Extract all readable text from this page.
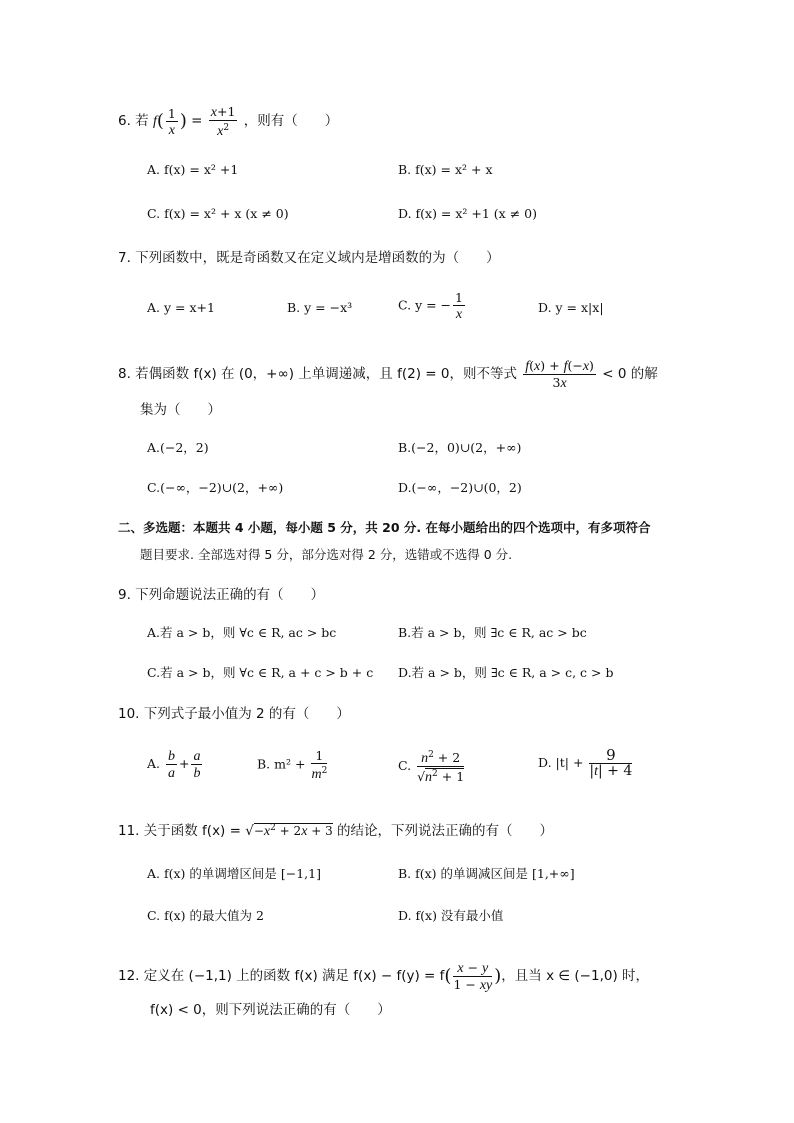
6. 若 $f( \frac{1}{x}$ ) = $\frac{x+1}{x^2}$ ，则有（　　）
A. f(x) = x² +1	B. f(x) = x² + x
C. f(x) = x² + x (x ≠ 0)	D. f(x) = x² +1 (x ≠ 0)
7. 下列函数中，既是奇函数又在定义域内是增函数的为（　　）
A. y = x+1	B. y = −x³	C. y = − $\frac{1}{x}$	D. y = x|x|
8. 若偶函数 f(x) 在 (0，+∞) 上单调递减，且 f(2) = 0，则不等式 $\frac{f(x) + f(-x)}{3x} < 0$ 的解
集为（　　）
A.(−2，2)	B.(−2，0)∪(2，+∞)
C.(−∞，−2)∪(2，+∞)	D.(−∞，−2)∪(0，2)
二、多选题：本题共 4 小题，每小题 5 分，共 20 分. 在每小题给出的四个选项中，有多项符合
题目要求. 全部选对得 5 分，部分选对得 2 分，选错或不选得 0 分.
9. 下列命题说法正确的有（　　）
A.若 a > b，则 ∀c ∈ R, ac > bc	B.若 a > b，则 ∃c ∈ R, ac > bc
C.若 a > b，则 ∀c ∈ R, a + c > b + c D.若 a > b，则 ∃c ∈ R, a > c, c > b
10. 下列式子最小值为 2 的有（　　）
A. $\frac{b}{a} + \frac{a}{b}$	B. $m^2 + \frac{1}{m^2}$	C. $\frac{n^2 + 2}{√n^2 + 1}$	D. $|t| + \frac{9}{|t| + 4}$
11. 关于函数 $f(x) = √-x^2 + 2x + 3$ 的结论，下列说法正确的有（　　）
A. f(x) 的单调增区间是 [−1,1]	B. f(x) 的单调减区间是 [1,+∞]
C. f(x) 的最大值为 2	D. f(x) 没有最小值
12. 定义在 (−1,1) 上的函数 f(x) 满足 $f(x) - f(y) = f( \frac{x - y}{1 - xy}$ )，且当 x ∈ (−1,0) 时，
f(x) < 0，则下列说法正确的有（　　）
